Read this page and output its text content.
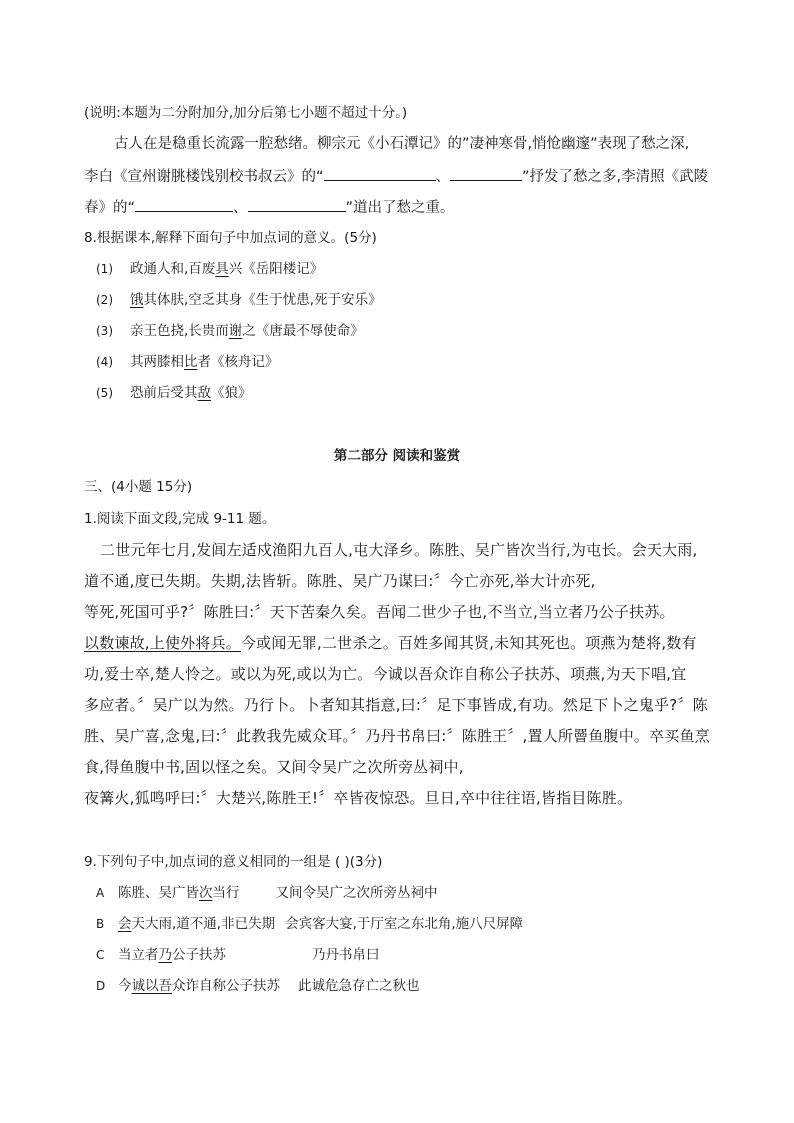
(说明:本题为二分附加分,加分后第七小题不超过十分。)
古人在是稳重长流露一腔愁绪。柳宗元《小石潭记》的”凄神寒骨,悄怆幽邃”表现了愁之深,
李白《宣州谢朓楼饯别校书叔云》的“	、	”抒发了愁之多,李清照《武陵
春》的“	、	”道出了愁之重。
8.根据课本,解释下面句子中加点词的意义。(5分)
(1) 政通人和,百废具兴《岳阳楼记》
(2) 饿其体肤,空乏其身《生于忧患,死于安乐》
(3) 亲王色挠,长贵而谢之《唐最不辱使命》
(4) 其两膝相比者《核舟记》
(5) 恐前后受其敌《狼》
第二部分 阅读和鉴赏
三、(4小题 15分)
1.阅读下面文段,完成 9-11 题。
二世元年七月,发闾左适戍渔阳九百人,屯大泽乡。陈胜、吴广皆次当行,为屯长。会天大雨,
道不通,度已失期。失期,法皆斩。陈胜、吴广乃谋曰:〞今亡亦死,举大计亦死,
等死,死国可乎?〞陈胜曰:〞天下苦秦久矣。吾闻二世少子也,不当立,当立者乃公子扶苏。
以数谏故,上使外将兵。今或闻无罪,二世杀之。百姓多闻其贤,未知其死也。项燕为楚将,数有
功,爱士卒,楚人怜之。或以为死,或以为亡。今诚以吾众诈自称公子扶苏、项燕,为天下唱,宜
多应者。〞吴广以为然。乃行卜。卜者知其指意,曰:〞足下事皆成,有功。然足下卜之鬼乎?〞陈
胜、吴广喜,念鬼,曰:〞此教我先威众耳。〞乃丹书帛曰:〞陈胜王〞,置人所罾鱼腹中。卒买鱼烹
食,得鱼腹中书,固以怪之矣。又间令吴广之次所旁丛祠中,
夜篝火,狐鸣呼曰:〞大楚兴,陈胜王!〞卒皆夜惊恐。旦日,卒中往往语,皆指目陈胜。
9.下列句子中,加点词的意义相同的一组是 ( )(3分)
A 陈胜、吴广皆次当行	又间令吴广之次所旁丛祠中
B 会天大雨,道不通,非已失期 会宾客大宴,于厅室之东北角,施八尺屏障
C 当立者乃公子扶苏	乃丹书帛曰
D 今诚以吾众诈自称公子扶苏 此诚危急存亡之秋也
